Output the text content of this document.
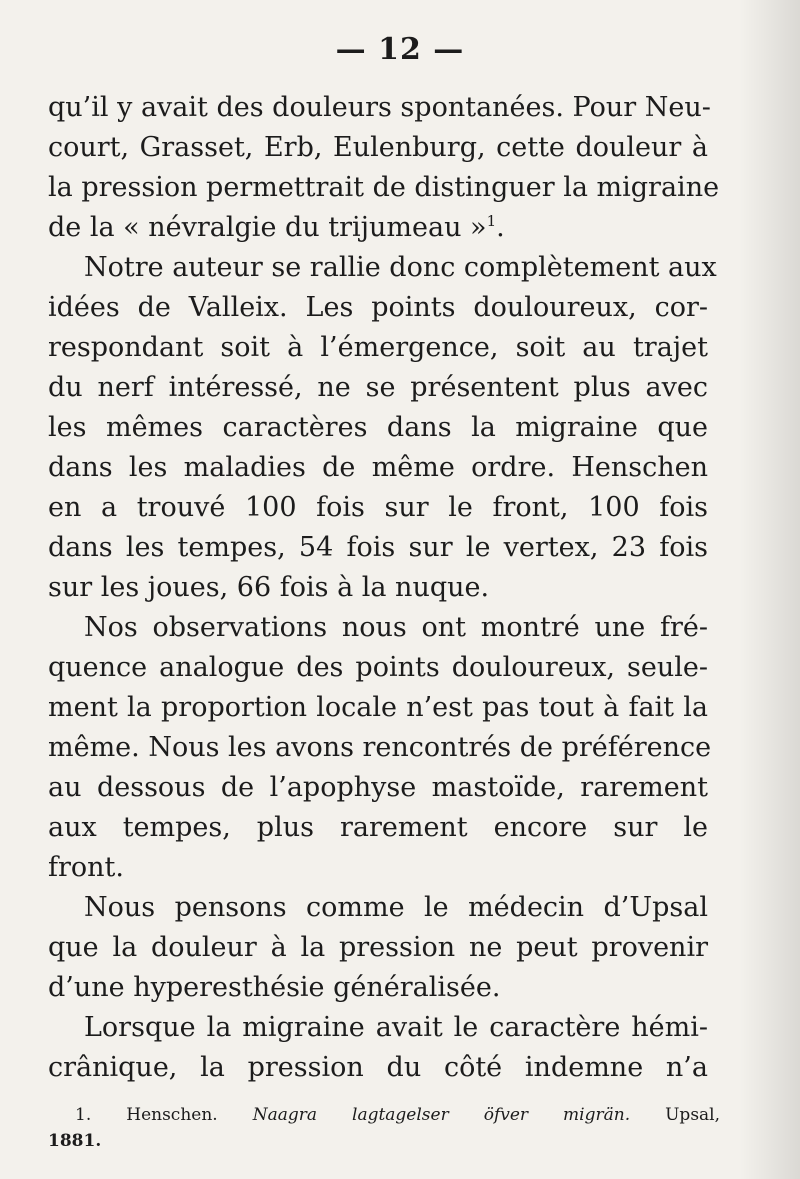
— 12 —
qu’il y avait des douleurs spontanées. Pour Neu-
court, Grasset, Erb, Eulenburg, cette douleur à
la pression permettrait de distinguer la migraine
de la « névralgie du trijumeau »$^1$.
Notre auteur se rallie donc complètement aux
idées de Valleix. Les points douloureux, cor-
respondant soit à l’émergence, soit au trajet
du nerf intéressé, ne se présentent plus avec
les mêmes caractères dans la migraine que
dans les maladies de même ordre. Henschen
en a trouvé 100 fois sur le front, 100 fois
dans les tempes, 54 fois sur le vertex, 23 fois
sur les joues, 66 fois à la nuque.
Nos observations nous ont montré une fré-
quence analogue des points douloureux, seule-
ment la proportion locale n’est pas tout à fait la
même. Nous les avons rencontrés de préférence
au dessous de l’apophyse mastoïde, rarement
aux tempes, plus rarement encore sur le
front.
Nous pensons comme le médecin d’Upsal
que la douleur à la pression ne peut provenir
d’une hyperesthésie généralisée.
Lorsque la migraine avait le caractère hémi-
crânique, la pression du côté indemne n’a
1. Henschen. Naagra lagtagelser öfver migrän. Upsal,
1881.
